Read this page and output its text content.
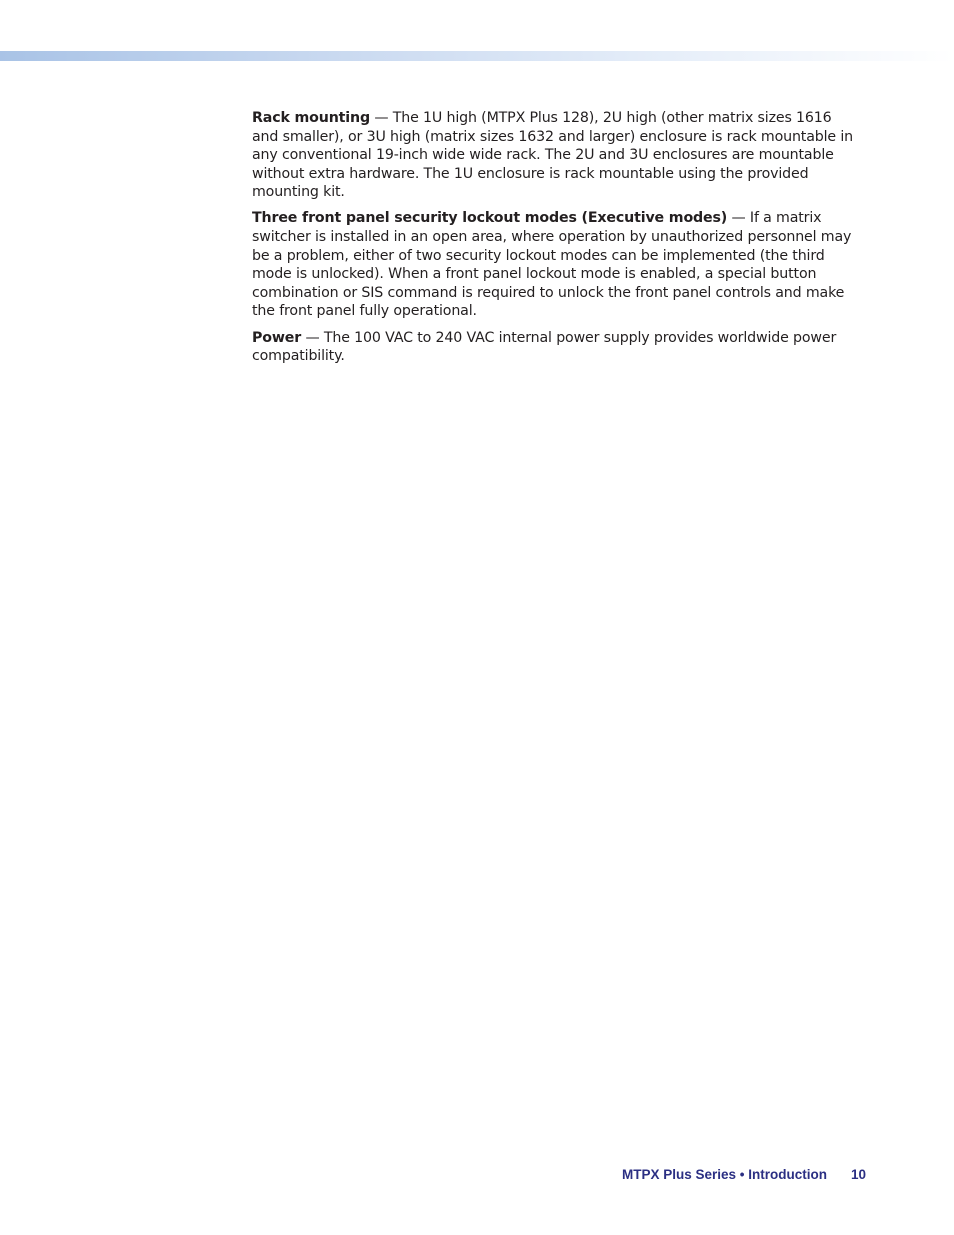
Rack mounting — The 1U high (MTPX Plus 128), 2U high (other matrix sizes 1616 and smaller), or 3U high (matrix sizes 1632 and larger) enclosure is rack mountable in any conventional 19-inch wide wide rack. The 2U and 3U enclosures are mountable without extra hardware. The 1U enclosure is rack mountable using the provided mounting kit.

Three front panel security lockout modes (Executive modes) — If a matrix switcher is installed in an open area, where operation by unauthorized personnel may be a problem, either of two security lockout modes can be implemented (the third mode is unlocked). When a front panel lockout mode is enabled, a special button combination or SIS command is required to unlock the front panel controls and make the front panel fully operational.

Power — The 100 VAC to 240 VAC internal power supply provides worldwide power compatibility.

MTPX Plus Series • Introduction 10
